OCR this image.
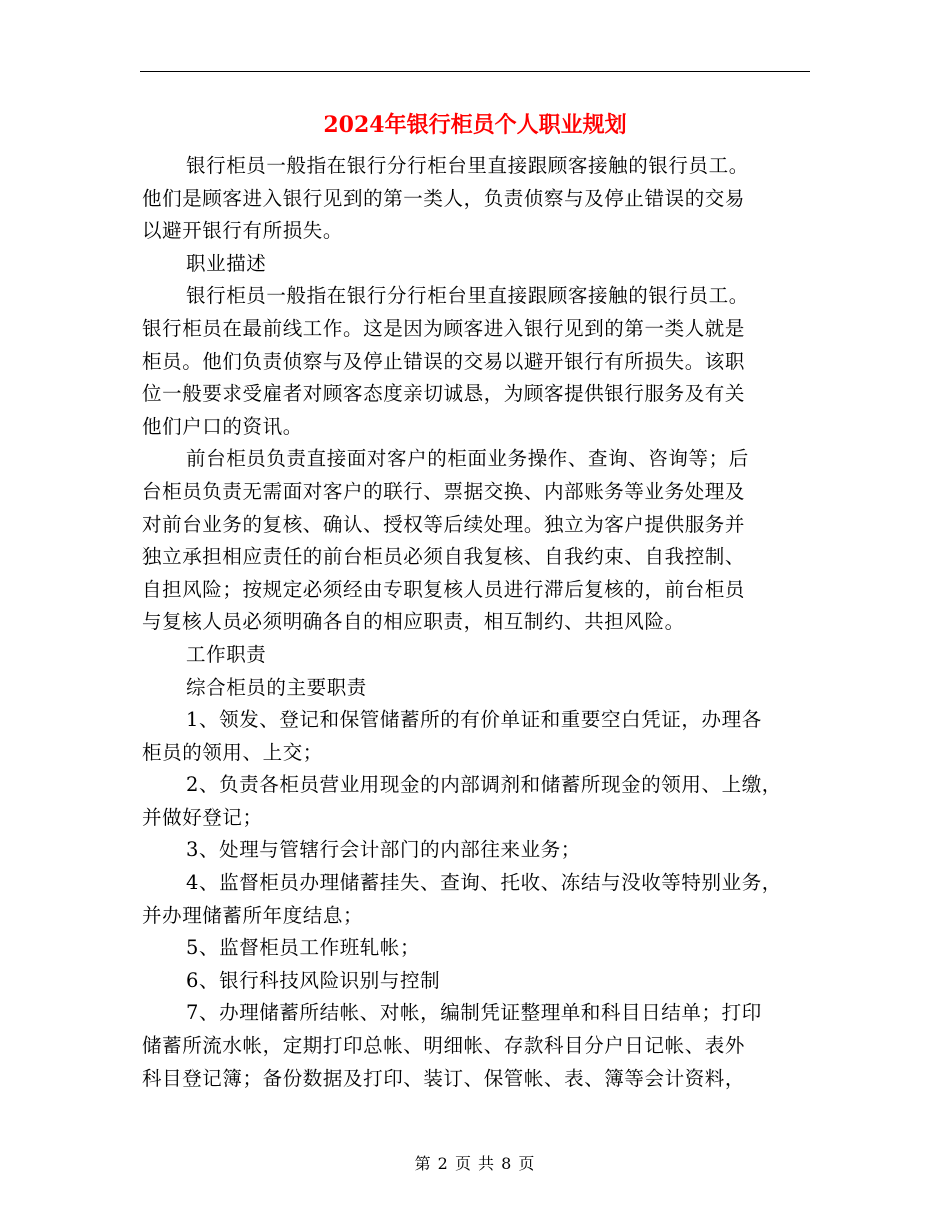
2024年银行柜员个人职业规划
银行柜员一般指在银行分行柜台里直接跟顾客接触的银行员工。
他们是顾客进入银行见到的第一类人，负责侦察与及停止错误的交易
以避开银行有所损失。
职业描述
银行柜员一般指在银行分行柜台里直接跟顾客接触的银行员工。
银行柜员在最前线工作。这是因为顾客进入银行见到的第一类人就是
柜员。他们负责侦察与及停止错误的交易以避开银行有所损失。该职
位一般要求受雇者对顾客态度亲切诚恳，为顾客提供银行服务及有关
他们户口的资讯。
前台柜员负责直接面对客户的柜面业务操作、查询、咨询等；后
台柜员负责无需面对客户的联行、票据交换、内部账务等业务处理及
对前台业务的复核、确认、授权等后续处理。独立为客户提供服务并
独立承担相应责任的前台柜员必须自我复核、自我约束、自我控制、
自担风险；按规定必须经由专职复核人员进行滞后复核的，前台柜员
与复核人员必须明确各自的相应职责，相互制约、共担风险。
工作职责
综合柜员的主要职责
1、领发、登记和保管储蓄所的有价单证和重要空白凭证，办理各
柜员的领用、上交；
2、负责各柜员营业用现金的内部调剂和储蓄所现金的领用、上缴，
并做好登记；
3、处理与管辖行会计部门的内部往来业务；
4、监督柜员办理储蓄挂失、查询、托收、冻结与没收等特别业务，
并办理储蓄所年度结息；
5、监督柜员工作班轧帐；
6、银行科技风险识别与控制
7、办理储蓄所结帐、对帐，编制凭证整理单和科目日结单；打印
储蓄所流水帐，定期打印总帐、明细帐、存款科目分户日记帐、表外
科目登记簿；备份数据及打印、装订、保管帐、表、簿等会计资料，
第 2 页 共 8 页
